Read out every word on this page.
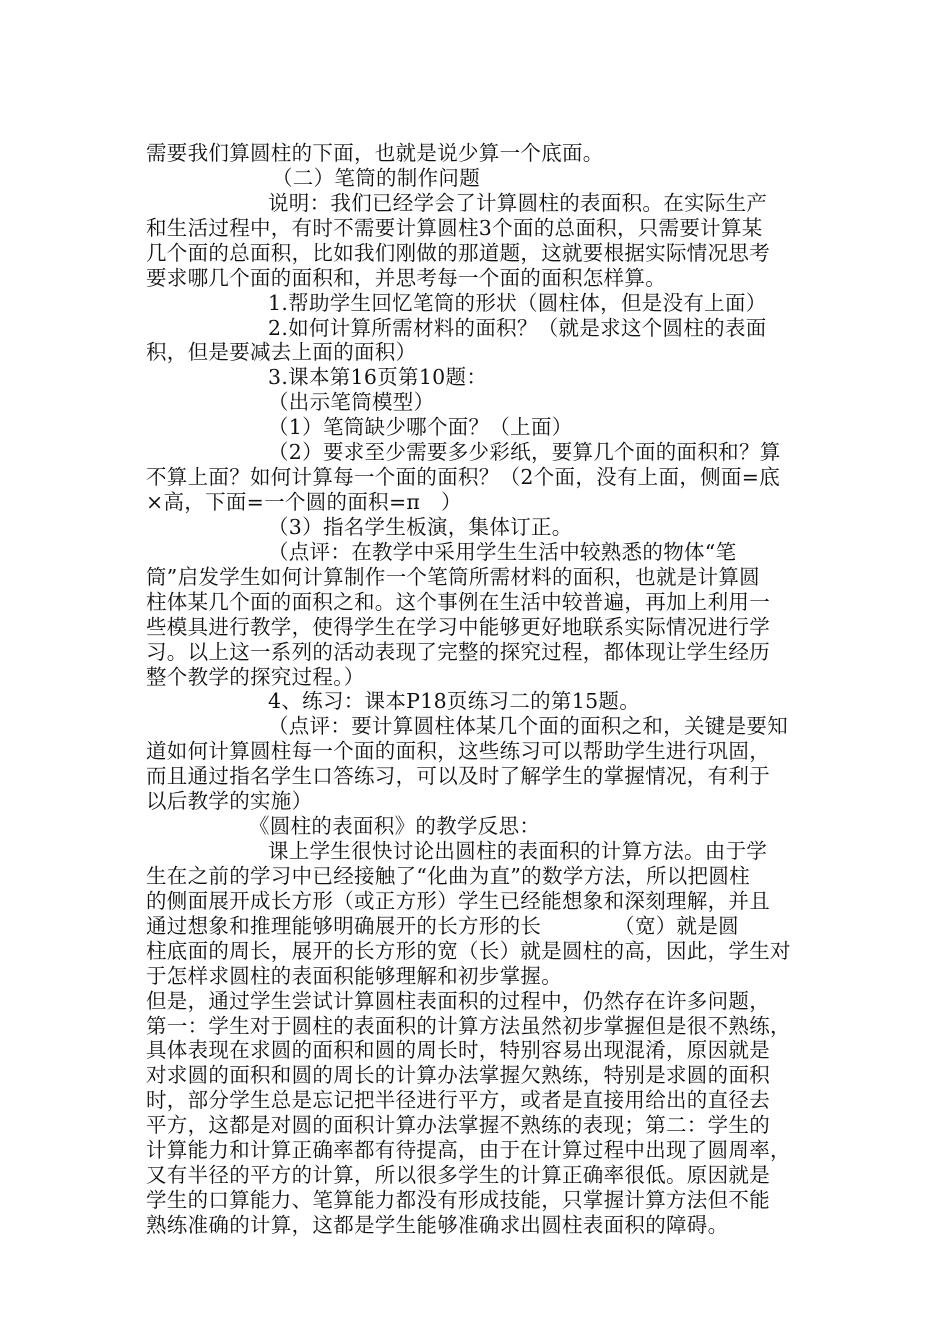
需要我们算圆柱的下面，也就是说少算一个底面。
（二）笔筒的制作问题
说明：我们已经学会了计算圆柱的表面积。在实际生产
和生活过程中，有时不需要计算圆柱3个面的总面积，只需要计算某
几个面的总面积，比如我们刚做的那道题，这就要根据实际情况思考
要求哪几个面的面积和，并思考每一个面的面积怎样算。
1.帮助学生回忆笔筒的形状（圆柱体，但是没有上面）
2.如何计算所需材料的面积？（就是求这个圆柱的表面
积，但是要减去上面的面积）
3.课本第16页第10题：
（出示笔筒模型）
（1）笔筒缺少哪个面？（上面）
（2）要求至少需要多少彩纸，要算几个面的面积和？算
不算上面？如何计算每一个面的面积？（2个面，没有上面，侧面=底
×高，下面=一个圆的面积=π　）
（3）指名学生板演，集体订正。
（点评：在教学中采用学生生活中较熟悉的物体“笔
筒”启发学生如何计算制作一个笔筒所需材料的面积，也就是计算圆
柱体某几个面的面积之和。这个事例在生活中较普遍，再加上利用一
些模具进行教学，使得学生在学习中能够更好地联系实际情况进行学
习。以上这一系列的活动表现了完整的探究过程，都体现让学生经历
整个教学的探究过程。）
4、练习：课本P18页练习二的第15题。
（点评：要计算圆柱体某几个面的面积之和，关键是要知
道如何计算圆柱每一个面的面积，这些练习可以帮助学生进行巩固，
而且通过指名学生口答练习，可以及时了解学生的掌握情况，有利于
以后教学的实施）
《圆柱的表面积》的教学反思：
课上学生很快讨论出圆柱的表面积的计算方法。由于学
生在之前的学习中已经接触了“化曲为直”的数学方法，所以把圆柱
的侧面展开成长方形（或正方形）学生已经能想象和深刻理解，并且
通过想象和推理能够明确展开的长方形的长　　　　（宽）就是圆
柱底面的周长，展开的长方形的宽（长）就是圆柱的高，因此，学生对
于怎样求圆柱的表面积能够理解和初步掌握。
但是，通过学生尝试计算圆柱表面积的过程中，仍然存在许多问题，
第一：学生对于圆柱的表面积的计算方法虽然初步掌握但是很不熟练，
具体表现在求圆的面积和圆的周长时，特别容易出现混淆，原因就是
对求圆的面积和圆的周长的计算办法掌握欠熟练，特别是求圆的面积
时，部分学生总是忘记把半径进行平方，或者是直接用给出的直径去
平方，这都是对圆的面积计算办法掌握不熟练的表现；第二：学生的
计算能力和计算正确率都有待提高，由于在计算过程中出现了圆周率，
又有半径的平方的计算，所以很多学生的计算正确率很低。原因就是
学生的口算能力、笔算能力都没有形成技能，只掌握计算方法但不能
熟练准确的计算，这都是学生能够准确求出圆柱表面积的障碍。
